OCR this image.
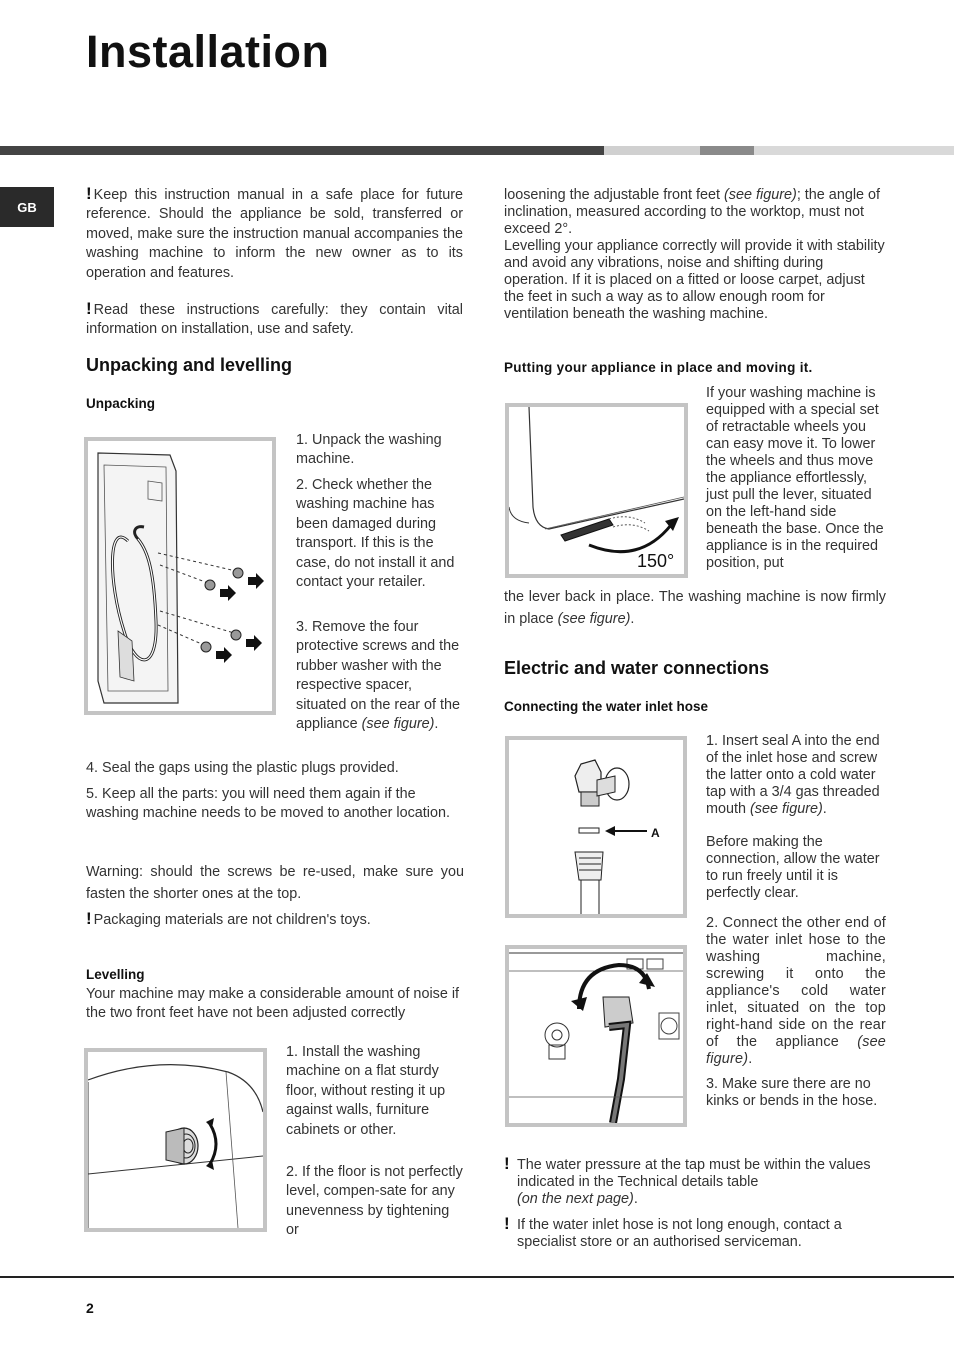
Installation
GB

! Keep this instruction manual in a safe place for future reference. Should the appliance be sold, transferred or moved, make sure the instruction manual accompanies the washing machine to inform the new owner as to its operation and features.

! Read these instructions carefully: they contain vital information on installation, use and safety.

Unpacking and levelling
Unpacking

1. Unpack the washing machine.

2. Check whether the washing machine has been damaged during transport. If this is the case, do not install it and contact your retailer.

3. Remove the four protective screws and the rubber washer with the respective spacer, situated on the rear of the appliance (see figure).

4. Seal the gaps using the plastic plugs provided.

5. Keep all the parts: you will need them again if the washing machine needs to be moved to another location.

Warning: should the screws be re-used, make sure you fasten the shorter ones at the top.

! Packaging materials are not children's toys.

Levelling

Your machine may make a considerable amount of noise if the two front feet have not been adjusted correctly

1. Install the washing machine on a flat sturdy floor, without resting it up against walls, furniture cabinets or other.

2. If the floor is not perfectly level, compen-sate for any unevenness by tightening or

loosening the adjustable front feet (see figure); the angle of inclination, measured according to the worktop, must not exceed 2°.

Levelling your appliance correctly will provide it with stability and avoid any vibrations, noise and shifting during operation. If it is placed on a fitted or loose carpet, adjust the feet in such a way as to allow enough room for ventilation beneath the washing machine.

Putting your appliance in place and moving it.
150°

If your washing machine is equipped with a special set of retractable wheels you can easy move it. To lower the wheels and thus move the appliance effortlessly, just pull the lever, situated on the left-hand side beneath the base. Once the appliance is in the required position, put

the lever back in place. The washing machine is now firmly in place (see figure).

Electric and water connections
Connecting the water inlet hose
A

1. Insert seal A into the end of the inlet hose and screw the latter onto a cold water tap with a 3/4 gas threaded mouth (see figure).

Before making the connection, allow the water to run freely until it is perfectly clear.

2. Connect the other end of the water inlet hose to the washing machine, screwing it onto the appliance's cold water inlet, situated on the top right-hand side on the rear of the appliance (see figure).

3. Make sure there are no kinks or bends in the hose.

! The water pressure at the tap must be within the values indicated in the Technical details table
(on the next page).

! If the water inlet hose is not long enough, contact a specialist store or an authorised serviceman.

2
